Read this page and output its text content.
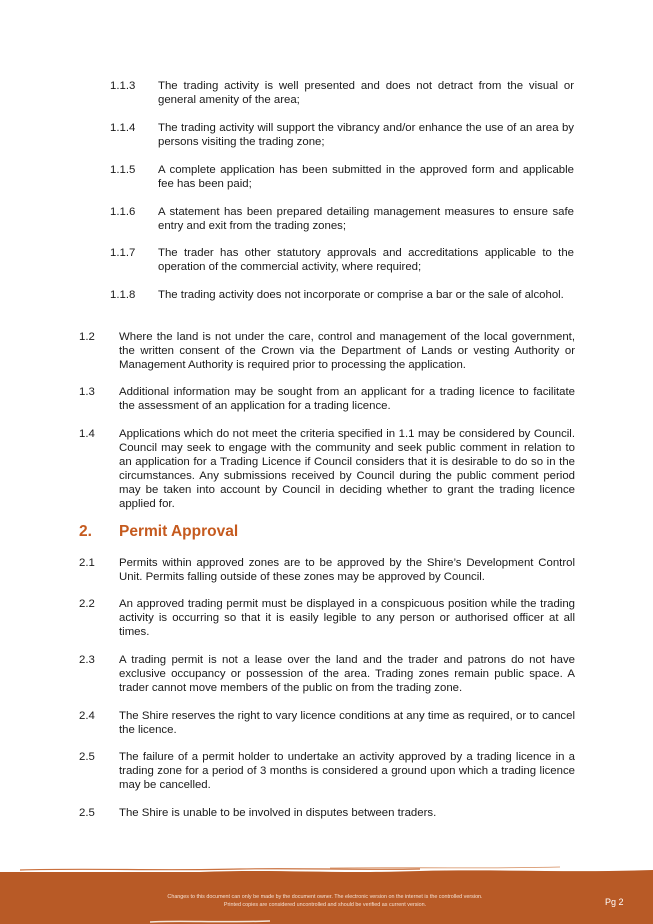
1.1.3 The trading activity is well presented and does not detract from the visual or general amenity of the area;
1.1.4 The trading activity will support the vibrancy and/or enhance the use of an area by persons visiting the trading zone;
1.1.5 A complete application has been submitted in the approved form and applicable fee has been paid;
1.1.6 A statement has been prepared detailing management measures to ensure safe entry and exit from the trading zones;
1.1.7 The trader has other statutory approvals and accreditations applicable to the operation of the commercial activity, where required;
1.1.8 The trading activity does not incorporate or comprise a bar or the sale of alcohol.
1.2 Where the land is not under the care, control and management of the local government, the written consent of the Crown via the Department of Lands or vesting Authority or Management Authority is required prior to processing the application.
1.3 Additional information may be sought from an applicant for a trading licence to facilitate the assessment of an application for a trading licence.
1.4 Applications which do not meet the criteria specified in 1.1 may be considered by Council. Council may seek to engage with the community and seek public comment in relation to an application for a Trading Licence if Council considers that it is desirable to do so in the circumstances. Any submissions received by Council during the public comment period may be taken into account by Council in deciding whether to grant the trading licence applied for.
2. Permit Approval
2.1 Permits within approved zones are to be approved by the Shire’s Development Control Unit. Permits falling outside of these zones may be approved by Council.
2.2 An approved trading permit must be displayed in a conspicuous position while the trading activity is occurring so that it is easily legible to any person or authorised officer at all times.
2.3 A trading permit is not a lease over the land and the trader and patrons do not have exclusive occupancy or possession of the area. Trading zones remain public space. A trader cannot move members of the public on from the trading zone.
2.4 The Shire reserves the right to vary licence conditions at any time as required, or to cancel the licence.
2.5 The failure of a permit holder to undertake an activity approved by a trading licence in a trading zone for a period of 3 months is considered a ground upon which a trading licence may be cancelled.
2.5 The Shire is unable to be involved in disputes between traders.
Changes to this document can only be made by the document owner. The electronic version on the internet is the controlled version.
Printed copies are considered uncontrolled and should be verified as current version.	Pg 2
